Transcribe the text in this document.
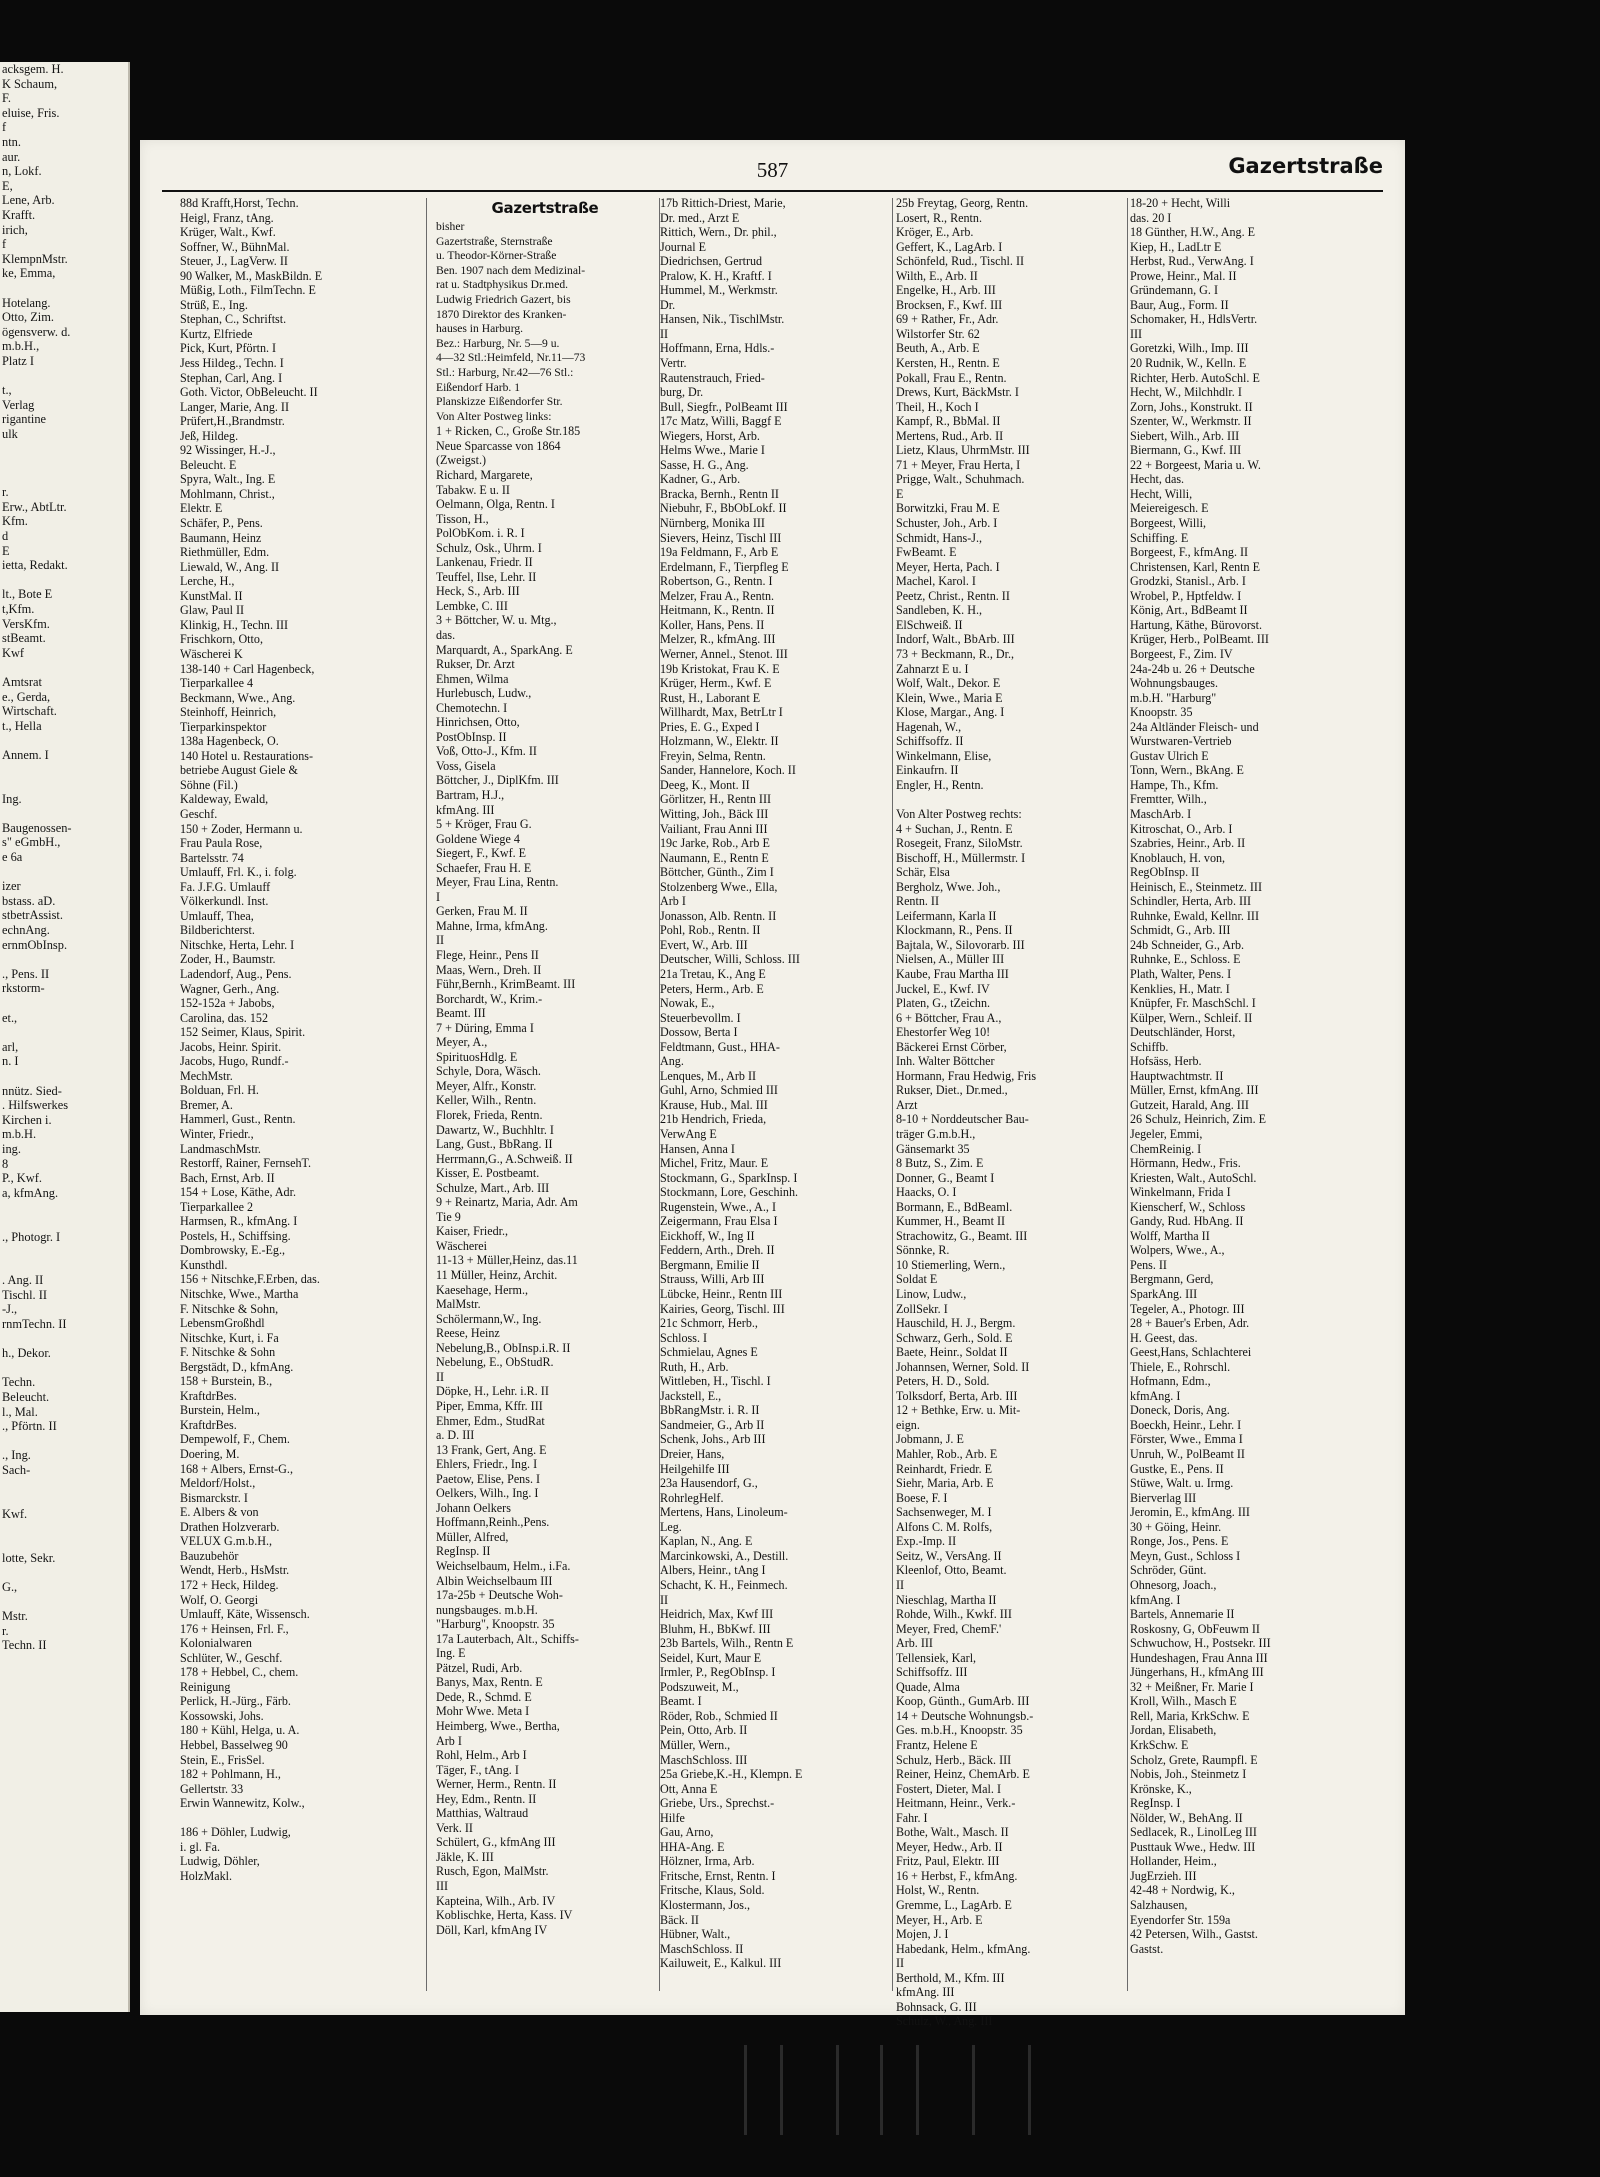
acksgem. H.
K Schaum,
F.
eluise, Fris.
f
ntn.
aur.
n, Lokf.
E,
Lene, Arb.
Krafft.
irich,
f
KlempnMstr.
ke, Emma,

Hotelang.
Otto, Zim.
ögensverw. d.
m.b.H.,
Platz I

t.,
Verlag
rigantine
ulk

r.
Erw., AbtLtr.
Kfm.
d
E
ietta, Redakt.

lt., Bote E
t,Kfm.
VersKfm.
stBeamt.
Kwf

Amtsrat
e., Gerda,
Wirtschaft.
t., Hella

Annem. I

Ing.

Baugenossen-
s" eGmbH.,
e 6a

izer
bstass. aD.
stbetrAssist.
echnAng.
ernmObInsp.

., Pens. II
rkstorm-

et.,

arl,
n. I

nnütz. Sied-
. Hilfswerkes
Kirchen i.
m.b.H.
ing.
8
P., Kwf.
a, kfmAng.

., Photogr. I

. Ang. II
Tischl. II
-J.,
rnmTechn. II

h., Dekor.

Techn.
Beleucht.
l., Mal.
., Pförtn. II

., Ing.
Sach-

Kwf.

lotte, Sekr.

G.,

Mstr.
r.
Techn. II
587	Gazertstraße
88d Krafft,Horst, Techn.
Heigl, Franz, tAng.
Krüger, Walt., Kwf.
Soffner, W., BühnMal.
Steuer, J., LagVerw. II
90 Walker, M., MaskBildn. E
Müßig, Loth., FilmTechn. E
Strüß, E., Ing.
Stephan, C., Schriftst.
Kurtz, Elfriede
Pick, Kurt, Pförtn. I
Jess Hildeg., Techn. I
Stephan, Carl, Ang. I
Goth. Victor, ObBeleucht. II
Langer, Marie, Ang. II
Prüfert,H.,Brandmstr.
Jeß, Hildeg.
92 Wissinger, H.-J.,
Beleucht. E
Spyra, Walt., Ing. E
Mohlmann, Christ.,
Elektr. E
Schäfer, P., Pens.
Baumann, Heinz
Riethmüller, Edm.
Liewald, W., Ang. II
Lerche, H.,
KunstMal. II
Glaw, Paul II
Klinkig, H., Techn. III
Frischkorn, Otto,
Wäscherei K
138-140 + Carl Hagenbeck,
Tierparkallee 4
Beckmann, Wwe., Ang.
Steinhoff, Heinrich,
Tierparkinspektor
138a Hagenbeck, O.
140 Hotel u. Restaurations-
betriebe August Giele &
Söhne (Fil.)
Kaldeway, Ewald,
Geschf.
150 + Zoder, Hermann u.
Frau Paula Rose,
Bartelsstr. 74
Umlauff, Frl. K., i. folg.
Fa. J.F.G. Umlauff
Völkerkundl. Inst.
Umlauff, Thea,
Bildberichterst.
Nitschke, Herta, Lehr. I
Zoder, H., Baumstr.
Ladendorf, Aug., Pens.
Wagner, Gerh., Ang.
152-152a + Jabobs,
Carolina, das. 152
152 Seimer, Klaus, Spirit.
Jacobs, Heinr. Spirit.
Jacobs, Hugo, Rundf.-
MechMstr.
Bolduan, Frl. H.
Bremer, A.
Hammerl, Gust., Rentn.
Winter, Friedr.,
LandmaschMstr.
Restorff, Rainer, FernsehT.
Bach, Ernst, Arb. II
154 + Lose, Käthe, Adr.
Tierparkallee 2
Harmsen, R., kfmAng. I
Postels, H., Schiffsing.
Dombrowsky, E.-Eg.,
Kunsthdl.
156 + Nitschke,F.Erben, das.
Nitschke, Wwe., Martha
F. Nitschke & Sohn,
LebensmGroßhdl
Nitschke, Kurt, i. Fa
F. Nitschke & Sohn
Bergstädt, D., kfmAng.
158 + Burstein, B.,
KraftdrBes.
Burstein, Helm.,
KraftdrBes.
Dempewolf, F., Chem.
Doering, M.
168 + Albers, Ernst-G.,
Meldorf/Holst.,
Bismarckstr. I
E. Albers & von
Drathen Holzverarb.
VELUX G.m.b.H.,
Bauzubehör
Wendt, Herb., HsMstr.
172 + Heck, Hildeg.
Wolf, O. Georgi
Umlauff, Käte, Wissensch.
176 + Heinsen, Frl. F.,
Kolonialwaren
Schlüter, W., Geschf.
178 + Hebbel, C., chem.
Reinigung
Perlick, H.-Jürg., Färb.
Kossowski, Johs.
180 + Kühl, Helga, u. A.
Hebbel, Basselweg 90
Stein, E., FrisSel.
182 + Pohlmann, H.,
Gellertstr. 33
Erwin Wannewitz, Kolw.,

186 + Döhler, Ludwig,
i. gl. Fa.
Ludwig, Döhler,
HolzMakl.
Gazertstraße
bisher
Gazertstraße, Sternstraße
u. Theodor-Körner-Straße
Ben. 1907 nach dem Medizinal-
rat u. Stadtphysikus Dr.med.
Ludwig Friedrich Gazert, bis
1870 Direktor des Kranken-
hauses in Harburg.
Bez.: Harburg, Nr. 5—9 u.
4—32 Stl.:Heimfeld, Nr.11—73
Stl.: Harburg, Nr.42—76 Stl.:
Eißendorf Harb. 1
Planskizze Eißendorfer Str.
Von Alter Postweg links:
1 + Ricken, C., Große Str.185
Neue Sparcasse von 1864
(Zweigst.)
Richard, Margarete,
Tabakw. E u. II
Oelmann, Olga, Rentn. I
Tisson, H.,
PolObKom. i. R. I
Schulz, Osk., Uhrm. I
Lankenau, Friedr. II
Teuffel, Ilse, Lehr. II
Heck, S., Arb. III
Lembke, C. III
3 + Böttcher, W. u. Mtg.,
das.
Marquardt, A., SparkAng. E
Rukser, Dr. Arzt
Ehmen, Wilma
Hurlebusch, Ludw.,
Chemotechn. I
Hinrichsen, Otto,
PostObInsp. II
Voß, Otto-J., Kfm. II
Voss, Gisela
Böttcher, J., DiplKfm. III
Bartram, H.J.,
kfmAng. III
5 + Kröger, Frau G.
Goldene Wiege 4
Siegert, F., Kwf. E
Schaefer, Frau H. E
Meyer, Frau Lina, Rentn.
I
Gerken, Frau M. II
Mahne, Irma, kfmAng.
II
Flege, Heinr., Pens II
Maas, Wern., Dreh. II
Führ,Bernh., KrimBeamt. III
Borchardt, W., Krim.-
Beamt. III
7 + Düring, Emma I
Meyer, A.,
SpirituosHdlg. E
Schyle, Dora, Wäsch.
Meyer, Alfr., Konstr.
Keller, Wilh., Rentn.
Florek, Frieda, Rentn.
Dawartz, W., Buchhltr. I
Lang, Gust., BbRang. II
Herrmann,G., A.Schweiß. II
Kisser, E. Postbeamt.
Schulze, Mart., Arb. III
9 + Reinartz, Maria, Adr. Am
Tie 9
Kaiser, Friedr.,
Wäscherei
11-13 + Müller,Heinz, das.11
11 Müller, Heinz, Archit.
Kaesehage, Herm.,
MalMstr.
Schölermann,W., Ing.
Reese, Heinz
Nebelung,B., ObInsp.i.R. II
Nebelung, E., ObStudR.
II
Döpke, H., Lehr. i.R. II
Piper, Emma, Kffr. III
Ehmer, Edm., StudRat
a. D. III
13 Frank, Gert, Ang. E
Ehlers, Friedr., Ing. I
Paetow, Elise, Pens. I
Oelkers, Wilh., Ing. I
Johann Oelkers
Hoffmann,Reinh.,Pens.
Müller, Alfred,
RegInsp. II
Weichselbaum, Helm., i.Fa.
Albin Weichselbaum III
17a-25b + Deutsche Woh-
nungsbauges. m.b.H.
"Harburg", Knoopstr. 35
17a Lauterbach, Alt., Schiffs-
Ing. E
Pätzel, Rudi, Arb.
Banys, Max, Rentn. E
Dede, R., Schmd. E
Mohr Wwe. Meta I
Heimberg, Wwe., Bertha,
Arb I
Rohl, Helm., Arb I
Täger, F., tAng. I
Werner, Herm., Rentn. II
Hey, Edm., Rentn. II
Matthias, Waltraud
Verk. II
Schülert, G., kfmAng III
Jäkle, K. III
Rusch, Egon, MalMstr.
III
Kapteina, Wilh., Arb. IV
Koblischke, Herta, Kass. IV
Döll, Karl, kfmAng IV
17b Rittich-Driest, Marie,
Dr. med., Arzt E
Rittich, Wern., Dr. phil.,
Journal E
Diedrichsen, Gertrud
Pralow, K. H., Kraftf. I
Hummel, M., Werkmstr.
Dr.
Hansen, Nik., TischlMstr.
II
Hoffmann, Erna, Hdls.-
Vertr.
Rautenstrauch, Fried-
burg, Dr.
Bull, Siegfr., PolBeamt III
17c Matz, Willi, Baggf E
Wiegers, Horst, Arb.
Helms Wwe., Marie I
Sasse, H. G., Ang.
Kadner, G., Arb.
Bracka, Bernh., Rentn II
Niebuhr, F., BbObLokf. II
Nürnberg, Monika III
Sievers, Heinz, Tischl III
19a Feldmann, F., Arb E
Erdelmann, F., Tierpfleg E
Robertson, G., Rentn. I
Melzer, Frau A., Rentn.
Heitmann, K., Rentn. II
Koller, Hans, Pens. II
Melzer, R., kfmAng. III
Werner, Annel., Stenot. III
19b Kristokat, Frau K. E
Krüger, Herm., Kwf. E
Rust, H., Laborant E
Willhardt, Max, BetrLtr I
Pries, E. G., Exped I
Holzmann, W., Elektr. II
Freyin, Selma, Rentn.
Sander, Hannelore, Koch. II
Deeg, K., Mont. II
Görlitzer, H., Rentn III
Witting, Joh., Bäck III
Vailiant, Frau Anni III
19c Jarke, Rob., Arb E
Naumann, E., Rentn E
Böttcher, Günth., Zim I
Stolzenberg Wwe., Ella,
Arb I
Jonasson, Alb. Rentn. II
Pohl, Rob., Rentn. II
Evert, W., Arb. III
Deutscher, Willi, Schloss. III
21a Tretau, K., Ang E
Peters, Herm., Arb. E
Nowak, E.,
Steuerbevollm. I
Dossow, Berta I
Feldtmann, Gust., HHA-
Ang.
Lenques, M., Arb II
Guhl, Arno, Schmied III
Krause, Hub., Mal. III
21b Hendrich, Frieda,
VerwAng E
Hansen, Anna I
Michel, Fritz, Maur. E
Stockmann, G., SparkInsp. I
Stockmann, Lore, Geschinh.
Rugenstein, Wwe., A., I
Zeigermann, Frau Elsa I
Eickhoff, W., Ing II
Feddern, Arth., Dreh. II
Bergmann, Emilie II
Strauss, Willi, Arb III
Lübcke, Heinr., Rentn III
Kairies, Georg, Tischl. III
21c Schmorr, Herb.,
Schloss. I
Schmielau, Agnes E
Ruth, H., Arb.
Wittleben, H., Tischl. I
Jackstell, E.,
BbRangMstr. i. R. II
Sandmeier, G., Arb II
Schenk, Johs., Arb III
Dreier, Hans,
Heilgehilfe III
23a Hausendorf, G.,
RohrlegHelf.
Mertens, Hans, Linoleum-
Leg.
Kaplan, N., Ang. E
Marcinkowski, A., Destill.
Albers, Heinr., tAng I
Schacht, K. H., Feinmech.
II
Heidrich, Max, Kwf III
Bluhm, H., BbKwf. III
23b Bartels, Wilh., Rentn E
Seidel, Kurt, Maur E
Irmler, P., RegObInsp. I
Podszuweit, M.,
Beamt. I
Röder, Rob., Schmied II
Pein, Otto, Arb. II
Müller, Wern.,
MaschSchloss. III
25a Griebe,K.-H., Klempn. E
Ott, Anna E
Griebe, Urs., Sprechst.-
Hilfe
Gau, Arno,
HHA-Ang. E
Hölzner, Irma, Arb.
Fritsche, Ernst, Rentn. I
Fritsche, Klaus, Sold.
Klostermann, Jos.,
Bäck. II
Hübner, Walt.,
MaschSchloss. II
Kailuweit, E., Kalkul. III
25b Freytag, Georg, Rentn.
Losert, R., Rentn.
Kröger, E., Arb.
Geffert, K., LagArb. I
Schönfeld, Rud., Tischl. II
Wilth, E., Arb. II
Engelke, H., Arb. III
Brocksen, F., Kwf. III
69 + Rather, Fr., Adr.
Wilstorfer Str. 62
Beuth, A., Arb. E
Kersten, H., Rentn. E
Pokall, Frau E., Rentn.
Drews, Kurt, BäckMstr. I
Theil, H., Koch I
Kampf, R., BbMal. II
Mertens, Rud., Arb. II
Lietz, Klaus, UhrmMstr. III
71 + Meyer, Frau Herta, I
Prigge, Walt., Schuhmach.
E
Borwitzki, Frau M. E
Schuster, Joh., Arb. I
Schmidt, Hans-J.,
FwBeamt. E
Meyer, Herta, Pach. I
Machel, Karol. I
Peetz, Christ., Rentn. II
Sandleben, K. H.,
ElSchweiß. II
Indorf, Walt., BbArb. III
73 + Beckmann, R., Dr.,
Zahnarzt E u. I
Wolf, Walt., Dekor. E
Klein, Wwe., Maria E
Klose, Margar., Ang. I
Hagenah, W.,
Schiffsoffz. II
Winkelmann, Elise,
Einkaufrn. II
Engler, H., Rentn.

Von Alter Postweg rechts:
4 + Suchan, J., Rentn. E
Rosegeit, Franz, SiloMstr.
Bischoff, H., Müllermstr. I
Schär, Elsa
Bergholz, Wwe. Joh.,
Rentn. II
Leifermann, Karla II
Klockmann, R., Pens. II
Bajtala, W., Silovorarb. III
Nielsen, A., Müller III
Kaube, Frau Martha III
Juckel, E., Kwf. IV
Platen, G., tZeichn.
6 + Böttcher, Frau A.,
Ehestorfer Weg 10!
Bäckerei Ernst Cörber,
Inh. Walter Böttcher
Hormann, Frau Hedwig, Fris
Rukser, Diet., Dr.med.,
Arzt
8-10 + Norddeutscher Bau-
träger G.m.b.H.,
Gänsemarkt 35
8 Butz, S., Zim. E
Donner, G., Beamt I
Haacks, O. I
Bormann, E., BdBeaml.
Kummer, H., Beamt II
Strachowitz, G., Beamt. III
Sönnke, R.
10 Stiemerling, Wern.,
Soldat E
Linow, Ludw.,
ZollSekr. I
Hauschild, H. J., Bergm.
Schwarz, Gerh., Sold. E
Baete, Heinr., Soldat II
Johannsen, Werner, Sold. II
Peters, H. D., Sold.
Tolksdorf, Berta, Arb. III
12 + Bethke, Erw. u. Mit-
eign.
Jobmann, J. E
Mahler, Rob., Arb. E
Reinhardt, Friedr. E
Siehr, Maria, Arb. E
Boese, F. I
Sachsenweger, M. I
Alfons C. M. Rolfs,
Exp.-Imp. II
Seitz, W., VersAng. II
Kleenlof, Otto, Beamt.
II
Nieschlag, Martha II
Rohde, Wilh., Kwkf. III
Meyer, Fred, ChemF.'
Arb. III
Tellensiek, Karl,
Schiffsoffz. III
Quade, Alma
Koop, Günth., GumArb. III
14 + Deutsche Wohnungsb.-
Ges. m.b.H., Knoopstr. 35
Frantz, Helene E
Schulz, Herb., Bäck. III
Reiner, Heinz, ChemArb. E
Fostert, Dieter, Mal. I
Heitmann, Heinr., Verk.-
Fahr. I
Bothe, Walt., Masch. II
Meyer, Hedw., Arb. II
Fritz, Paul, Elektr. III
16 + Herbst, F., kfmAng.
Holst, W., Rentn.
Gremme, L., LagArb. E
Meyer, H., Arb. E
Mojen, J. I
Habedank, Helm., kfmAng.
II
Berthold, M., Kfm. III
kfmAng. III
Bohnsack, G. III
Schulz, W., Ang. III
18-20 + Hecht, Willi
das. 20 I
18 Günther, H.W., Ang. E
Kiep, H., LadLtr E
Herbst, Rud., VerwAng. I
Prowe, Heinr., Mal. II
Gründemann, G. I
Baur, Aug., Form. II
Schomaker, H., HdlsVertr.
III
Goretzki, Wilh., Imp. III
20 Rudnik, W., Kelln. E
Richter, Herb. AutoSchl. E
Hecht, W., Milchhdlr. I
Zorn, Johs., Konstrukt. II
Szenter, W., Werkmstr. II
Siebert, Wilh., Arb. III
Biermann, G., Kwf. III
22 + Borgeest, Maria u. W.
Hecht, das.
Hecht, Willi,
Meiereigesch. E
Borgeest, Willi,
Schiffing. E
Borgeest, F., kfmAng. II
Christensen, Karl, Rentn E
Grodzki, Stanisl., Arb. I
Wrobel, P., Hptfeldw. I
König, Art., BdBeamt II
Hartung, Käthe, Bürovorst.
Krüger, Herb., PolBeamt. III
Borgeest, F., Zim. IV
24a-24b u. 26 + Deutsche
Wohnungsbauges.
m.b.H. "Harburg"
Knoopstr. 35
24a Altländer Fleisch- und
Wurstwaren-Vertrieb
Gustav Ulrich E
Tonn, Wern., BkAng. E
Hampe, Th., Kfm.
Fremtter, Wilh.,
MaschArb. I
Kitroschat, O., Arb. I
Szabries, Heinr., Arb. II
Knoblauch, H. von,
RegObInsp. II
Heinisch, E., Steinmetz. III
Schindler, Herta, Arb. III
Ruhnke, Ewald, Kellnr. III
Schmidt, G., Arb. III
24b Schneider, G., Arb.
Ruhnke, E., Schloss. E
Plath, Walter, Pens. I
Kenklies, H., Matr. I
Knüpfer, Fr. MaschSchl. I
Külper, Wern., Schleif. II
Deutschländer, Horst,
Schiffb.
Hofsäss, Herb.
Hauptwachtmstr. II
Müller, Ernst, kfmAng. III
Gutzeit, Harald, Ang. III
26 Schulz, Heinrich, Zim. E
Jegeler, Emmi,
ChemReinig. I
Hörmann, Hedw., Fris.
Kriesten, Walt., AutoSchl.
Winkelmann, Frida I
Kienscherf, W., Schloss
Gandy, Rud. HbAng. II
Wolff, Martha II
Wolpers, Wwe., A.,
Pens. II
Bergmann, Gerd,
SparkAng. III
Tegeler, A., Photogr. III
28 + Bauer's Erben, Adr.
H. Geest, das.
Geest,Hans, Schlachterei
Thiele, E., Rohrschl.
Hofmann, Edm.,
kfmAng. I
Doneck, Doris, Ang.
Boeckh, Heinr., Lehr. I
Förster, Wwe., Emma I
Unruh, W., PolBeamt II
Gustke, E., Pens. II
Stüwe, Walt. u. Irmg.
Bierverlag III
Jeromin, E., kfmAng. III
30 + Göing, Heinr.
Ronge, Jos., Pens. E
Meyn, Gust., Schloss I
Schröder, Günt.
Ohnesorg, Joach.,
kfmAng. I
Bartels, Annemarie II
Roskosny, G, ObFeuwm II
Schwuchow, H., Postsekr. III
Hundeshagen, Frau Anna III
Jüngerhans, H., kfmAng III
32 + Meißner, Fr. Marie I
Kroll, Wilh., Masch E
Rell, Maria, KrkSchw. E
Jordan, Elisabeth,
KrkSchw. E
Scholz, Grete, Raumpfl. E
Nobis, Joh., Steinmetz I
Krönske, K.,
RegInsp. I
Nölder, W., BehAng. II
Sedlacek, R., LinolLeg III
Pusttauk Wwe., Hedw. III
Hollander, Heim.,
JugErzieh. III
42-48 + Nordwig, K.,
Salzhausen,
Eyendorfer Str. 159a
42 Petersen, Wilh., Gastst.
Gastst.
